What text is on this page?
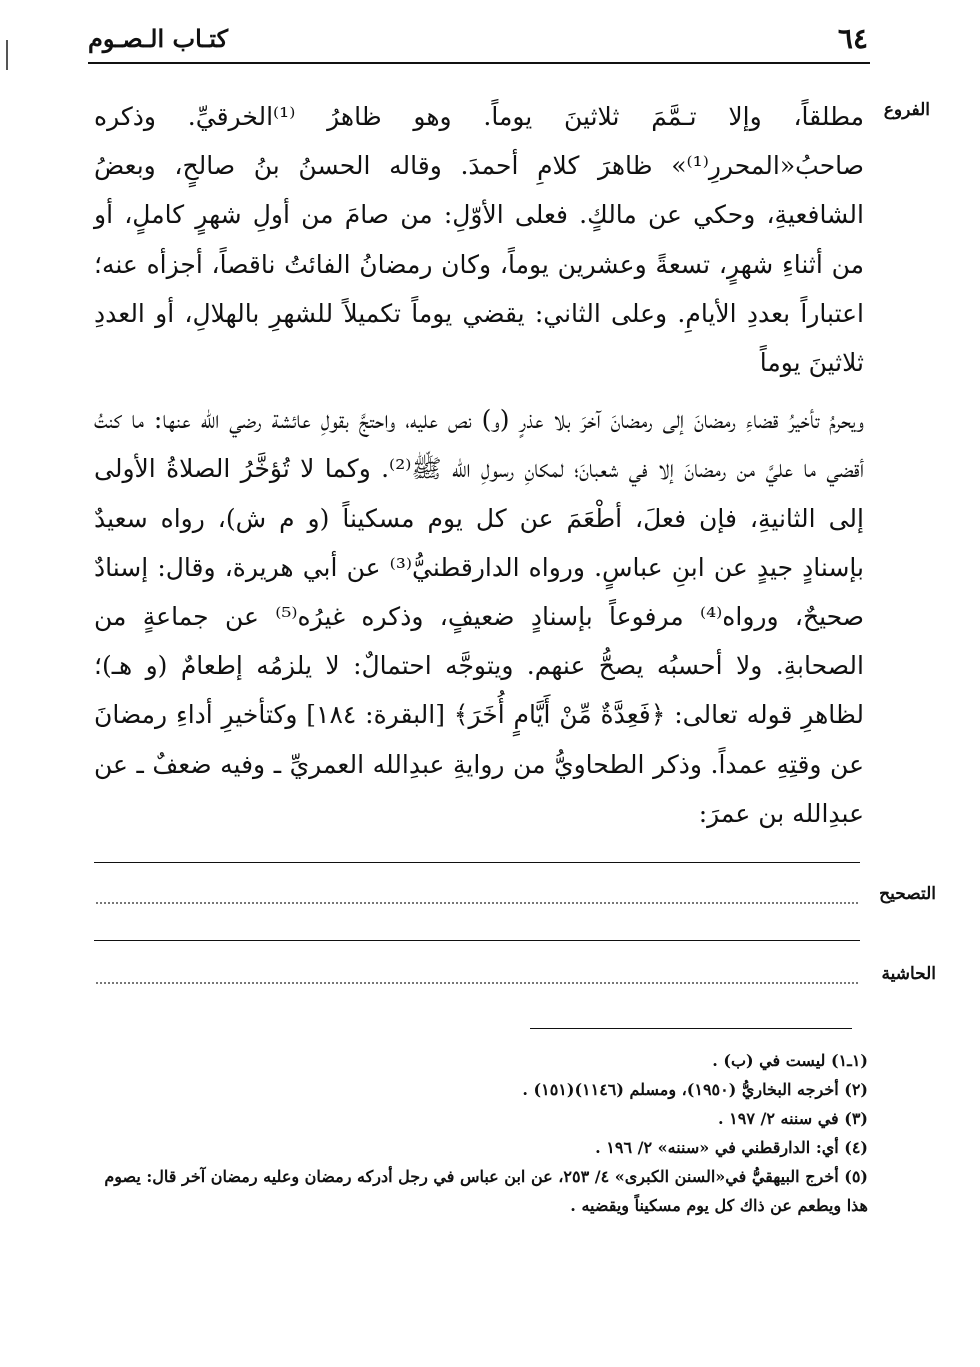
٦٤
كتـاب الـصـوم
الفروع

مطلقاً، وإلا تـمَّمَ ثلاثينَ يوماً. وهو ظاهرُ ⁽¹⁾الخرقيِّ. وذكره صاحبُ«المحررِ⁽¹⁾» ظاهرَ كلامِ أحمدَ. وقاله الحسنُ بنُ صالحٍ، وبعضُ الشافعيةِ، وحكي عن مالكٍ. فعلى الأوّلِ: من صامَ من أولِ شهرٍ كاملٍ، أو من أثناءِ شهرٍ، تسعةً وعشرين يوماً، وكان رمضانُ الفائتُ ناقصاً، أجزأه عنه؛ اعتباراً بعددِ الأيامِ. وعلى الثاني: يقضي يوماً تكميلاً للشهرِ بالهلالِ، أو العددِ ثلاثينَ يوماً

ويحرمُ تأخيرُ قضاءِ رمضانَ إلى رمضانَ آخرَ بلا عذرٍ (و) نص عليه، واحتجَّ بقولِ عائشة رضي الله عنها: ما كنتُ أقضي ما عليَّ من رمضانَ إلا في شعبانَ؛ لمكانِ رسولِ الله ﷺ⁽²⁾. وكما لا تُؤخَّرُ الصلاةُ الأولى إلى الثانيةِ، فإن فعلَ، أطْعَمَ عن كل يوم مسكيناً (و م ش)، رواه سعيدٌ بإسنادٍ جيدٍ عن ابنِ عباسٍ. ورواه الدارقطنيُّ⁽³⁾ عن أبي هريرة، وقال: إسنادٌ صحيحٌ، ورواه⁽⁴⁾ مرفوعاً بإسنادٍ ضعيفٍ، وذكره غيرُه⁽⁵⁾ عن جماعةٍ من الصحابةِ. ولا أحسبُه يصحُّ عنهم. ويتوجَّه احتمالٌ: لا يلزمُه إطعامٌ (و هـ)؛ لظاهرِ قوله تعالى: ﴿فَعِدَّةٌ مِّنْ أَيَّامٍ أُخَرَ﴾ [البقرة: ١٨٤] وكتأخيرِ أداءِ رمضانَ عن وقتِهِ عمداً. وذكر الطحاويُّ من روايةِ عبدِالله العمريِّ ـ وفيه ضعفٌ ـ عن عبدِالله بن عمرَ:

التصحيح
الحاشية

(١ـ١) ليست في (ب) .

(٢) أخرجه البخاريُّ (١٩٥٠)، ومسلم (١١٤٦)(١٥١) .

(٣) في سننه ٢/ ١٩٧ .

(٤) أي: الدارقطني في «سننه» ٢/ ١٩٦ .

(٥) أخرج البيهقيُّ في«السنن الكبرى» ٤/ ٢٥٣، عن ابن عباس في رجل أدركه رمضان وعليه رمضان آخر قال: يصوم هذا ويطعم عن ذاك كل يوم مسكيناً ويقضيه .
